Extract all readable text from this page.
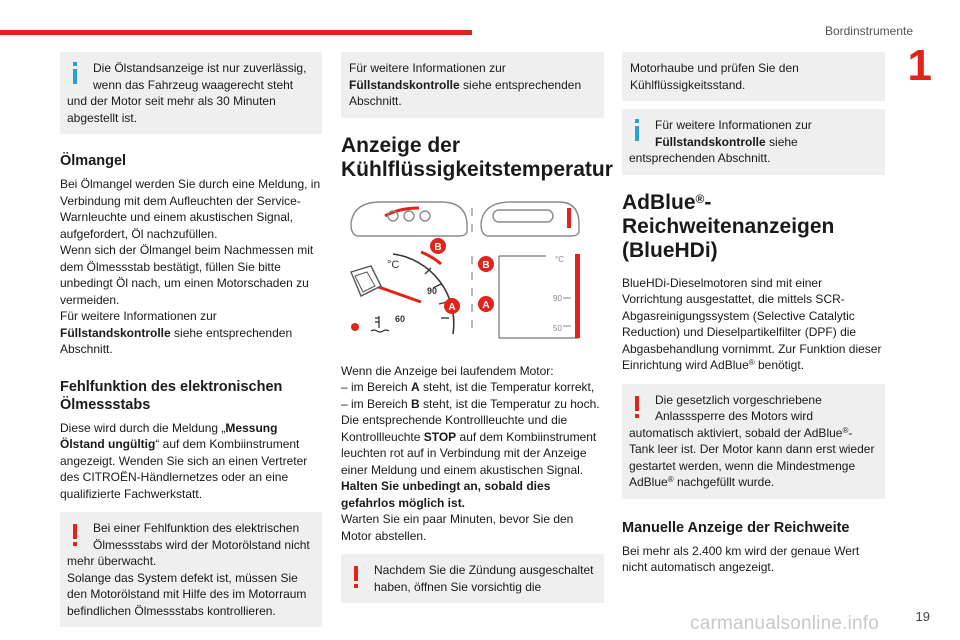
Bordinstrumente
1
19
carmanualsonline.info
Die Ölstandsanzeige ist nur zuverlässig, wenn das Fahrzeug waagerecht steht und der Motor seit mehr als 30 Minuten abgestellt ist.
Ölmangel

Bei Ölmangel werden Sie durch eine Meldung, in Verbindung mit dem Aufleuchten der Service-Warnleuchte und einem akustischen Signal, aufgefordert, Öl nachzufüllen.

Wenn sich der Ölmangel beim Nachmessen mit dem Ölmessstab bestätigt, füllen Sie bitte unbedingt Öl nach, um einen Motorschaden zu vermeiden.

Für weitere Informationen zur Füllstandskontrolle siehe entsprechenden Abschnitt.

Fehlfunktion des elektronischen Ölmessstabs

Diese wird durch die Meldung „Messung Ölstand ungültig“ auf dem Kombiinstrument angezeigt. Wenden Sie sich an einen Vertreter des CITROËN-Händlernetzes oder an eine qualifizierte Fachwerkstatt.

Bei einer Fehlfunktion des elektrischen Ölmessstabs wird der Motorölstand nicht mehr überwacht.
Solange das System defekt ist, müssen Sie den Motorölstand mit Hilfe des im Motorraum befindlichen Ölmessstabs kontrollieren.
Für weitere Informationen zur Füllstandskontrolle siehe entsprechenden Abschnitt.
Anzeige der Kühlflüssigkeitstemperatur
°C
90
60
B
A
°C
90
50
B
A

Wenn die Anzeige bei laufendem Motor:

– im Bereich A steht, ist die Temperatur korrekt,

– im Bereich B steht, ist die Temperatur zu hoch. Die entsprechende Kontrollleuchte und die Kontrollleuchte STOP auf dem Kombiinstrument leuchten rot auf in Verbindung mit der Anzeige einer Meldung und einem akustischen Signal.

Halten Sie unbedingt an, sobald dies gefahrlos möglich ist.

Warten Sie ein paar Minuten, bevor Sie den Motor abstellen.

Nachdem Sie die Zündung ausgeschaltet haben, öffnen Sie vorsichtig die
Motorhaube und prüfen Sie den Kühlflüssigkeitsstand.
Für weitere Informationen zur Füllstandskontrolle siehe entsprechenden Abschnitt.
AdBlue®-Reichweitenanzeigen (BlueHDi)

BlueHDi-Dieselmotoren sind mit einer Vorrichtung ausgestattet, die mittels SCR-Abgasreinigungssystem (Selective Catalytic Reduction) und Dieselpartikelfilter (DPF) die Abgasbehandlung vornimmt. Zur Funktion dieser Einrichtung wird AdBlue® benötigt.

Die gesetzlich vorgeschriebene Anlasssperre des Motors wird automatisch aktiviert, sobald der AdBlue®-Tank leer ist. Der Motor kann dann erst wieder gestartet werden, wenn die Mindestmenge AdBlue® nachgefüllt wurde.
Manuelle Anzeige der Reichweite

Bei mehr als 2.400 km wird der genaue Wert nicht automatisch angezeigt.
